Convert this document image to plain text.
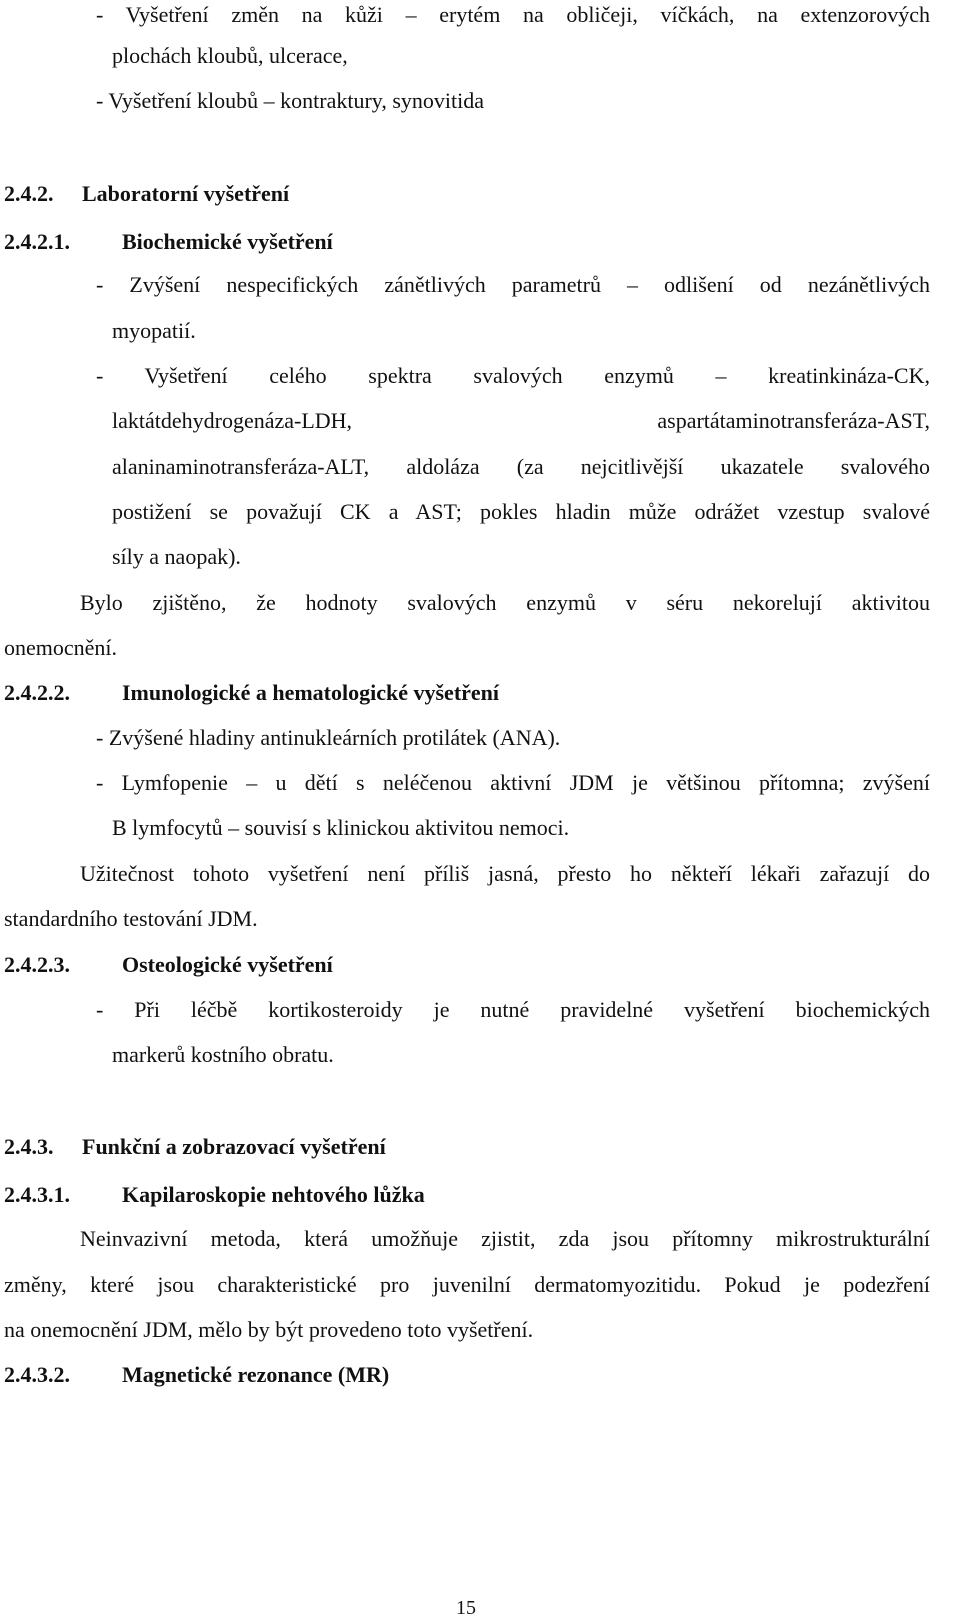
- Vyšetření změn na kůži – erytém na obličeji, víčkách, na extenzorových
plochách kloubů, ulcerace,
- Vyšetření kloubů – kontraktury, synovitida
2.4.2. Laboratorní vyšetření
2.4.2.1. Biochemické vyšetření
- Zvýšení nespecifických zánětlivých parametrů – odlišení od nezánětlivých
myopatií.
- Vyšetření celého spektra svalových enzymů – kreatinkináza-CK,
laktátdehydrogenáza-LDH, aspartátaminotransferáza-AST,
alaninaminotransferáza-ALT, aldoláza (za nejcitlivější ukazatele svalového
postižení se považují CK a AST; pokles hladin může odrážet vzestup svalové
síly a naopak).
Bylo zjištěno, že hodnoty svalových enzymů v séru nekorelují aktivitou
onemocnění.
2.4.2.2. Imunologické a hematologické vyšetření
- Zvýšené hladiny antinukleárních protilátek (ANA).
- Lymfopenie – u dětí s neléčenou aktivní JDM je většinou přítomna; zvýšení
B lymfocytů – souvisí s klinickou aktivitou nemoci.
Užitečnost tohoto vyšetření není příliš jasná, přesto ho někteří lékaři zařazují do
standardního testování JDM.
2.4.2.3. Osteologické vyšetření
- Při léčbě kortikosteroidy je nutné pravidelné vyšetření biochemických
markerů kostního obratu.
2.4.3. Funkční a zobrazovací vyšetření
2.4.3.1. Kapilaroskopie nehtového lůžka
Neinvazivní metoda, která umožňuje zjistit, zda jsou přítomny mikrostrukturální
změny, které jsou charakteristické pro juvenilní dermatomyozitidu. Pokud je podezření
na onemocnění JDM, mělo by být provedeno toto vyšetření.
2.4.3.2. Magnetické rezonance (MR)
15
